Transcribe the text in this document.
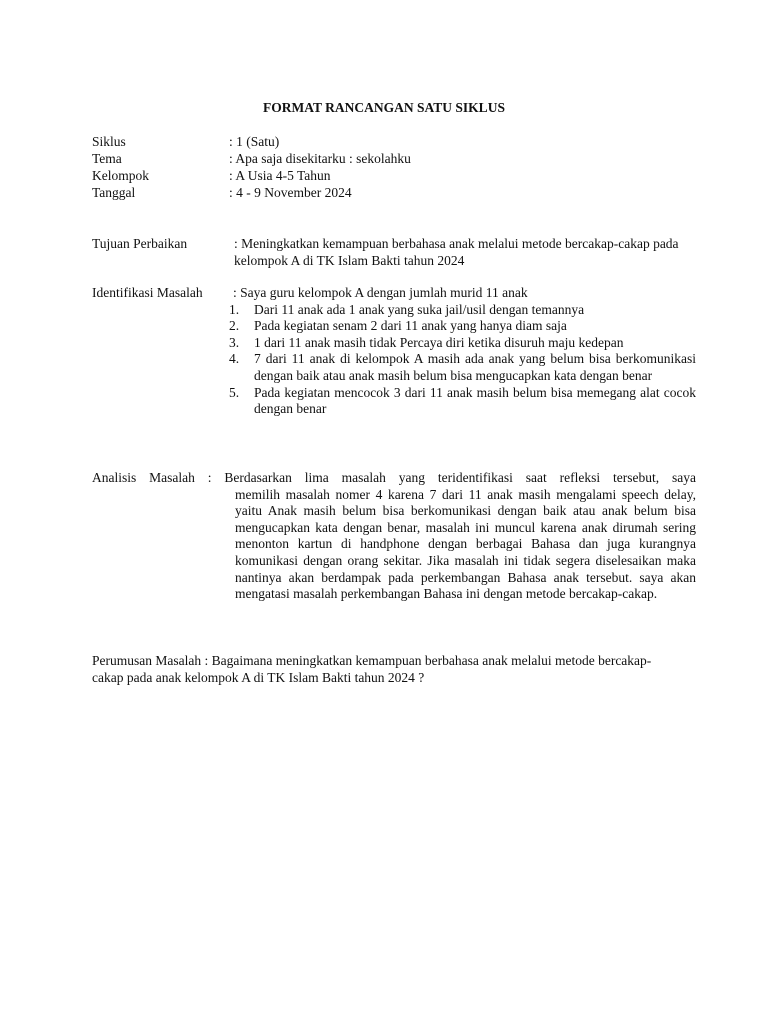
FORMAT RANCANGAN SATU SIKLUS
Siklus	: 1 (Satu)
Tema	: Apa saja disekitarku : sekolahku
Kelompok	: A Usia 4-5 Tahun
Tanggal	: 4 - 9 November 2024
Tujuan Perbaikan	: Meningkatkan kemampuan berbahasa anak melalui metode bercakap-cakap pada kelompok A di TK Islam Bakti tahun 2024
Identifikasi Masalah	: Saya guru kelompok A dengan jumlah murid 11 anak
1.	Dari 11 anak ada 1 anak yang suka jail/usil dengan temannya
2.	Pada kegiatan senam 2 dari 11 anak yang hanya diam saja
3.	1 dari 11 anak masih tidak Percaya diri ketika disuruh maju kedepan
4.	7 dari 11 anak di kelompok A masih ada anak yang belum bisa berkomunikasi dengan baik atau anak masih belum bisa mengucapkan kata dengan benar
5.	Pada kegiatan mencocok 3 dari 11 anak masih belum bisa memegang alat cocok dengan benar
Analisis Masalah : Berdasarkan lima masalah yang teridentifikasi saat refleksi tersebut, saya
memilih masalah nomer 4 karena 7 dari 11 anak masih mengalami speech delay, yaitu Anak masih belum bisa berkomunikasi dengan baik atau anak belum bisa mengucapkan kata dengan benar, masalah ini muncul karena anak dirumah sering menonton kartun di handphone dengan berbagai Bahasa dan juga kurangnya komunikasi dengan orang sekitar. Jika masalah ini tidak segera diselesaikan maka nantinya akan berdampak pada perkembangan Bahasa anak tersebut. saya akan mengatasi masalah perkembangan Bahasa ini dengan metode bercakap-cakap.
Perumusan Masalah : Bagaimana meningkatkan kemampuan berbahasa anak melalui metode bercakap-cakap pada anak kelompok A di TK Islam Bakti tahun 2024 ?
